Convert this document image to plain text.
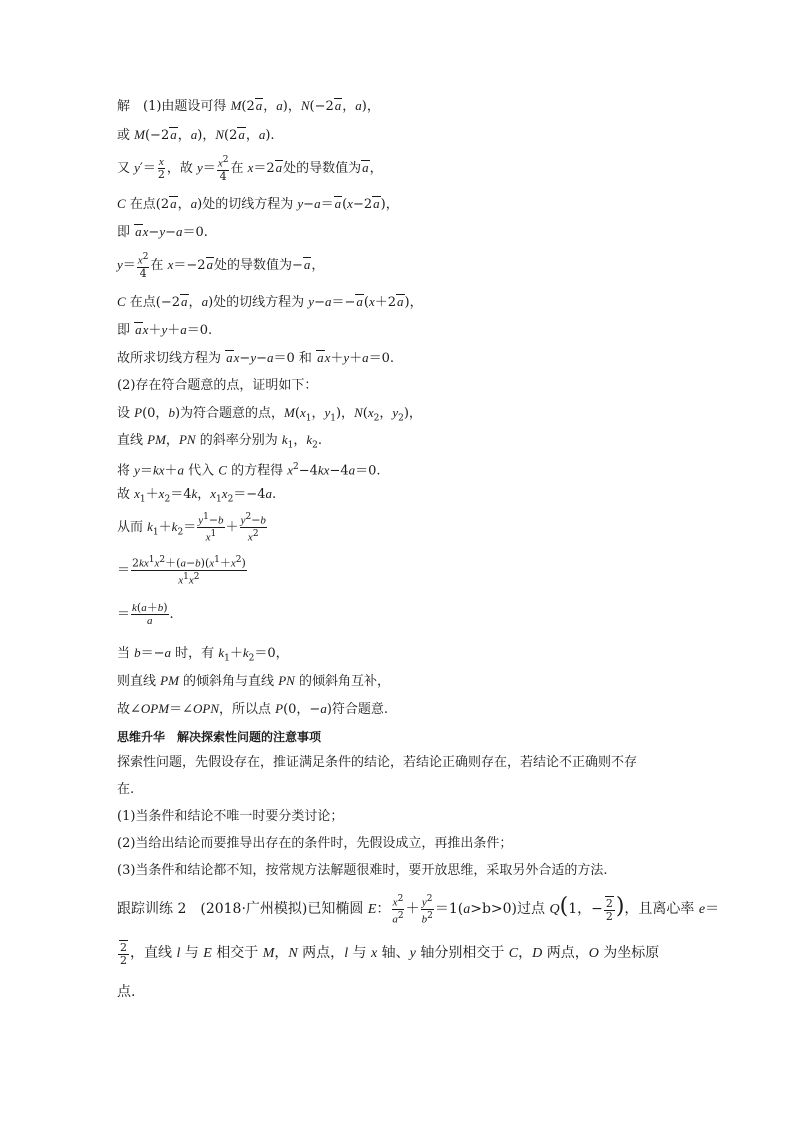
解　(1)由题设可得 M(2a，a)，N(−2a，a)，
或 M(−2a，a)，N(2a，a).
又 $y'= \frac{x}{2}$ ，故 $y= \frac{x^2}{4}$ 在 x＝2a处的导数值为a，
C 在点(2a，a)处的切线方程为 y−a＝a(x−2a)，
即 ax−y−a＝0.
$y= \frac{x^2}{4}$ 在 x＝−2a处的导数值为−a，
C 在点(−2a，a)处的切线方程为 y−a＝−a(x＋2a)，
即 ax＋y＋a＝0.
故所求切线方程为 ax−y−a＝0 和 ax＋y＋a＝0.
(2)存在符合题意的点，证明如下：
设 P(0，b)为符合题意的点，$M(x_1$，$y_1$)，$N(x_2$，$y_2$)，
直线 PM，PN 的斜率分别为 $k_1$，$k_2$.
将 y＝kx＋a 代入 C 的方程得 $x^2-4kx-4a=0$.
故 $x_1+x_2=4k$，$x_1x_2=-4a$.
从而 $k_1+k_2= \frac{y^1-b}{x^1} + \frac{y^2-b}{x^2}$
＝ $\frac{2kx^1x^2+(a-b)(x^1+x^2)}{x^1x^2}$
＝ $\frac{k(a+b)}{a}$ .
当 b＝−a 时，有 $k_1+k_2=0$，
则直线 PM 的倾斜角与直线 PN 的倾斜角互补，
故∠OPM＝∠OPN，所以点 P(0，−a)符合题意.
思维升华　解决探索性问题的注意事项
探索性问题，先假设存在，推证满足条件的结论，若结论正确则存在，若结论不正确则不存
在.
(1)当条件和结论不唯一时要分类讨论；
(2)当给出结论而要推导出存在的条件时，先假设成立，再推出条件；
(3)当条件和结论都不知，按常规方法解题很难时，要开放思维，采取另外合适的方法.
跟踪训练 2　(2018·广州模拟)已知椭圆 E： $\frac{x^2}{a^2} + \frac{y^2}{b^2} =1(a>b>0)$过点 Q(1，− $\frac{2}{2}$ )，且离心率 e＝
$\frac{2}{2}$ ，直线 l 与 E 相交于 M，N 两点，l 与 x 轴、y 轴分别相交于 C，D 两点，O 为坐标原
点.
